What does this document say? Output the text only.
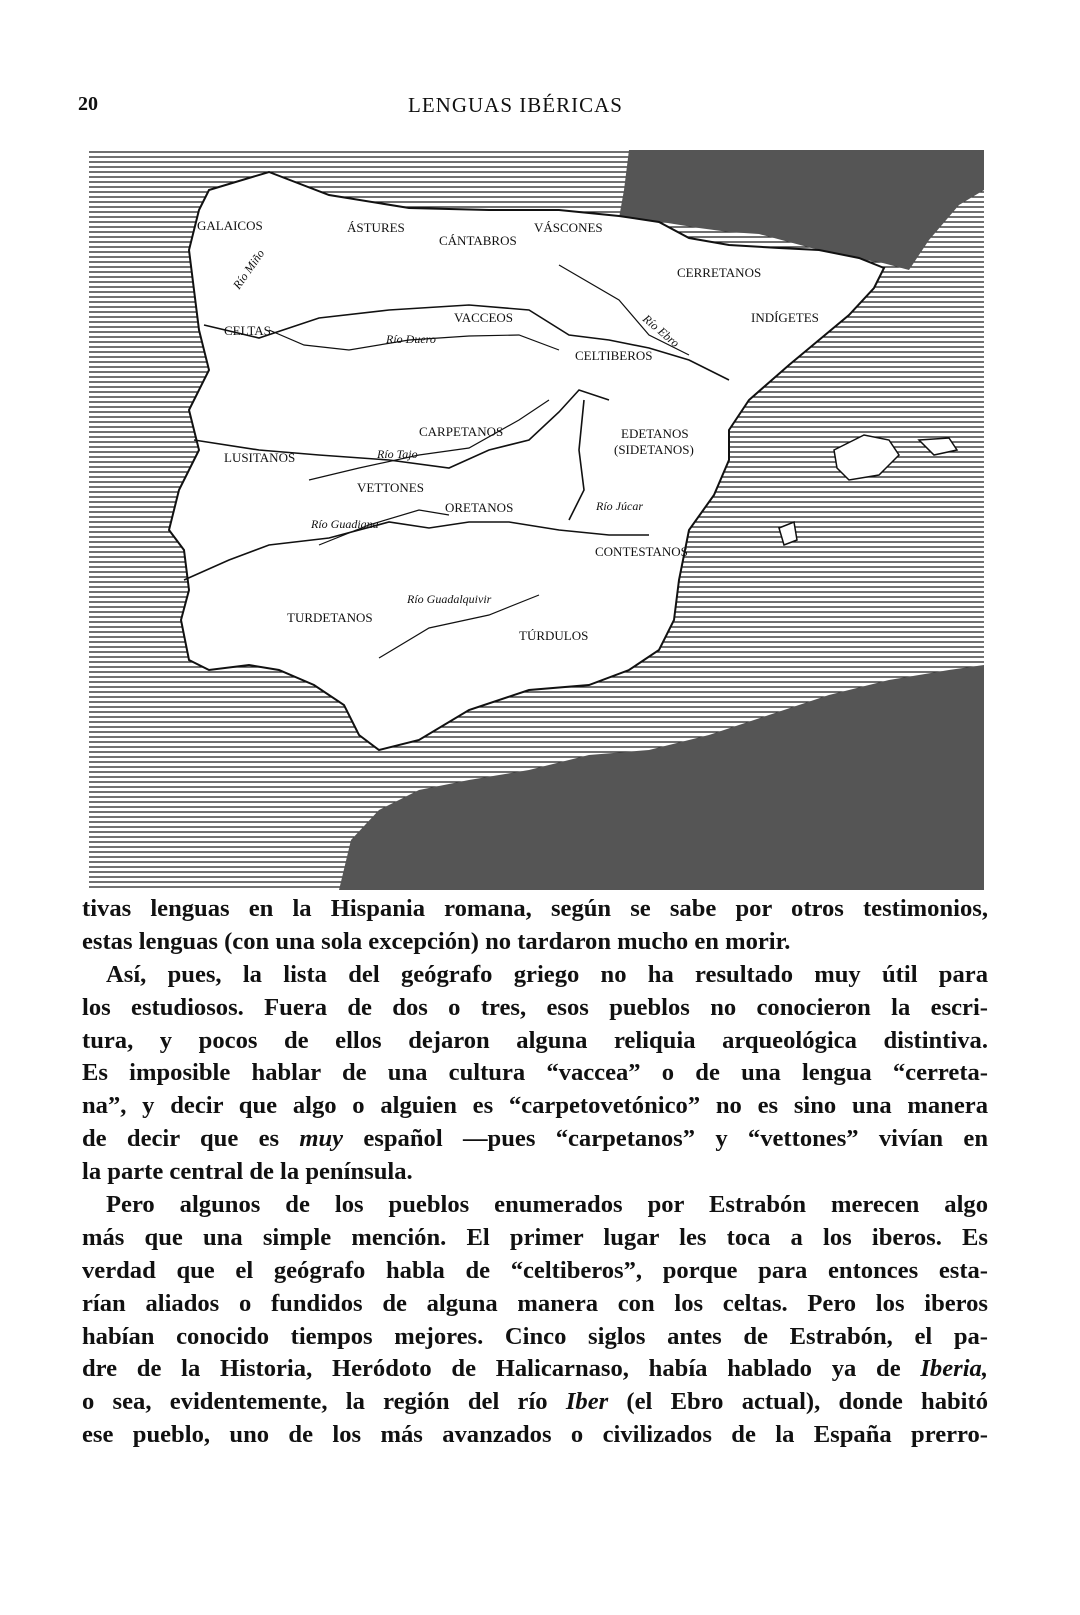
20	LENGUAS IBÉRICAS
GALAICOS	ÁSTURES
CÁNTABROS
VÁSCONES
CERRETANOS
CELTAS
VACCEOS	INDÍGETES
CELTIBEROS
CARPETANOS	EDETANOS
(SIDETANOS)
LUSITANOS
VETTONES
ORETANOS
CONTESTANOS
TURDETANOS
TÚRDULOS
Río Miño
Río Duero	Río Ebro
Río Tajo
Río Guadiana
Río Júcar
Río Guadalquivir
tivas lenguas en la Hispania romana, según se sabe por otros testimonios,
estas lenguas (con una sola excepción) no tardaron mucho en morir.
Así, pues, la lista del geógrafo griego no ha resultado muy útil para
los estudiosos. Fuera de dos o tres, esos pueblos no conocieron la escri-
tura, y pocos de ellos dejaron alguna reliquia arqueológica distintiva.
Es imposible hablar de una cultura “vaccea” o de una lengua “cerreta-
na”, y decir que algo o alguien es “carpetovetónico” no es sino una manera
de decir que es muy español —pues “carpetanos” y “vettones” vivían en
la parte central de la península.
Pero algunos de los pueblos enumerados por Estrabón merecen algo
más que una simple mención. El primer lugar les toca a los iberos. Es
verdad que el geógrafo habla de “celtiberos”, porque para entonces esta-
rían aliados o fundidos de alguna manera con los celtas. Pero los iberos
habían conocido tiempos mejores. Cinco siglos antes de Estrabón, el pa-
dre de la Historia, Heródoto de Halicarnaso, había hablado ya de Iberia,
o sea, evidentemente, la región del río Iber (el Ebro actual), donde habitó
ese pueblo, uno de los más avanzados o civilizados de la España prerro-
